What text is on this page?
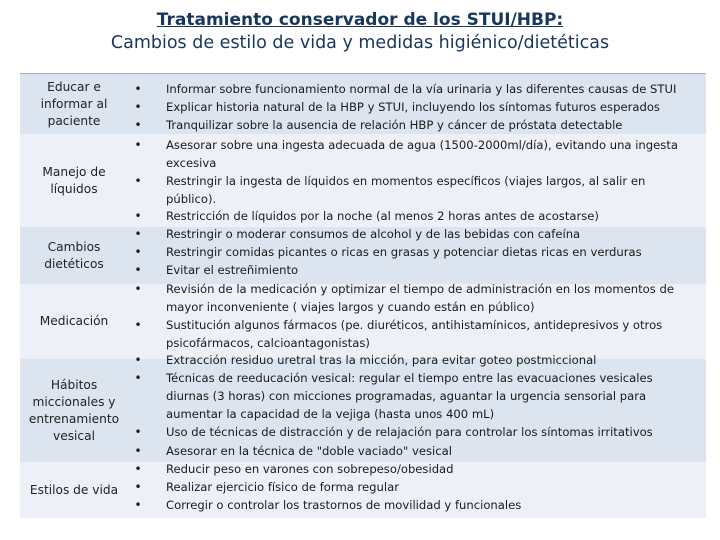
Tratamiento conservador de los STUI/HBP:
Cambios de estilo de vida y medidas higiénico/dietéticas
Educar e informar al paciente
Manejo de líquidos
Cambios dietéticos
Medicación
Hábitos miccionales y entrenamiento vesical
Estilos de vida
•
•
•
•
•
•
•
•
•
•
•
•
•
•
•
•
•
•
Informar sobre funcionamiento normal de la vía urinaria y las diferentes causas de STUI
Explicar historia natural de la HBP y STUI, incluyendo los síntomas futuros esperados
Tranquilizar sobre la ausencia de relación HBP y cáncer de próstata detectable
Asesorar sobre una ingesta adecuada de agua (1500-2000ml/día), evitando una ingesta
excesiva
Restringir la ingesta de líquidos en momentos específicos (viajes largos, al salir en
público).
Restricción de líquidos por la noche (al menos 2 horas antes de acostarse)
Restringir o moderar consumos de alcohol y de las bebidas con cafeína
Restringir comidas picantes o ricas en grasas y potenciar dietas ricas en verduras
Evitar el estreñimiento
Revisión de la medicación y optimizar el tiempo de administración en los momentos de
mayor inconveniente ( viajes largos y cuando están en público)
Sustitución algunos fármacos (pe. diuréticos, antihistamínicos, antidepresivos y otros
psicofármacos, calcioantagonistas)
Extracción residuo uretral tras la micción, para evitar goteo postmiccional
Técnicas de reeducación vesical: regular el tiempo entre las evacuaciones vesicales
diurnas (3 horas) con micciones programadas, aguantar la urgencia sensorial para
aumentar la capacidad de la vejiga (hasta unos 400 mL)
Uso de técnicas de distracción y de relajación para controlar los síntomas irritativos
Asesorar en la técnica de "doble vaciado" vesical
Reducir peso en varones con sobrepeso/obesidad
Realizar ejercicio físico de forma regular
Corregir o controlar los trastornos de movilidad y funcionales
